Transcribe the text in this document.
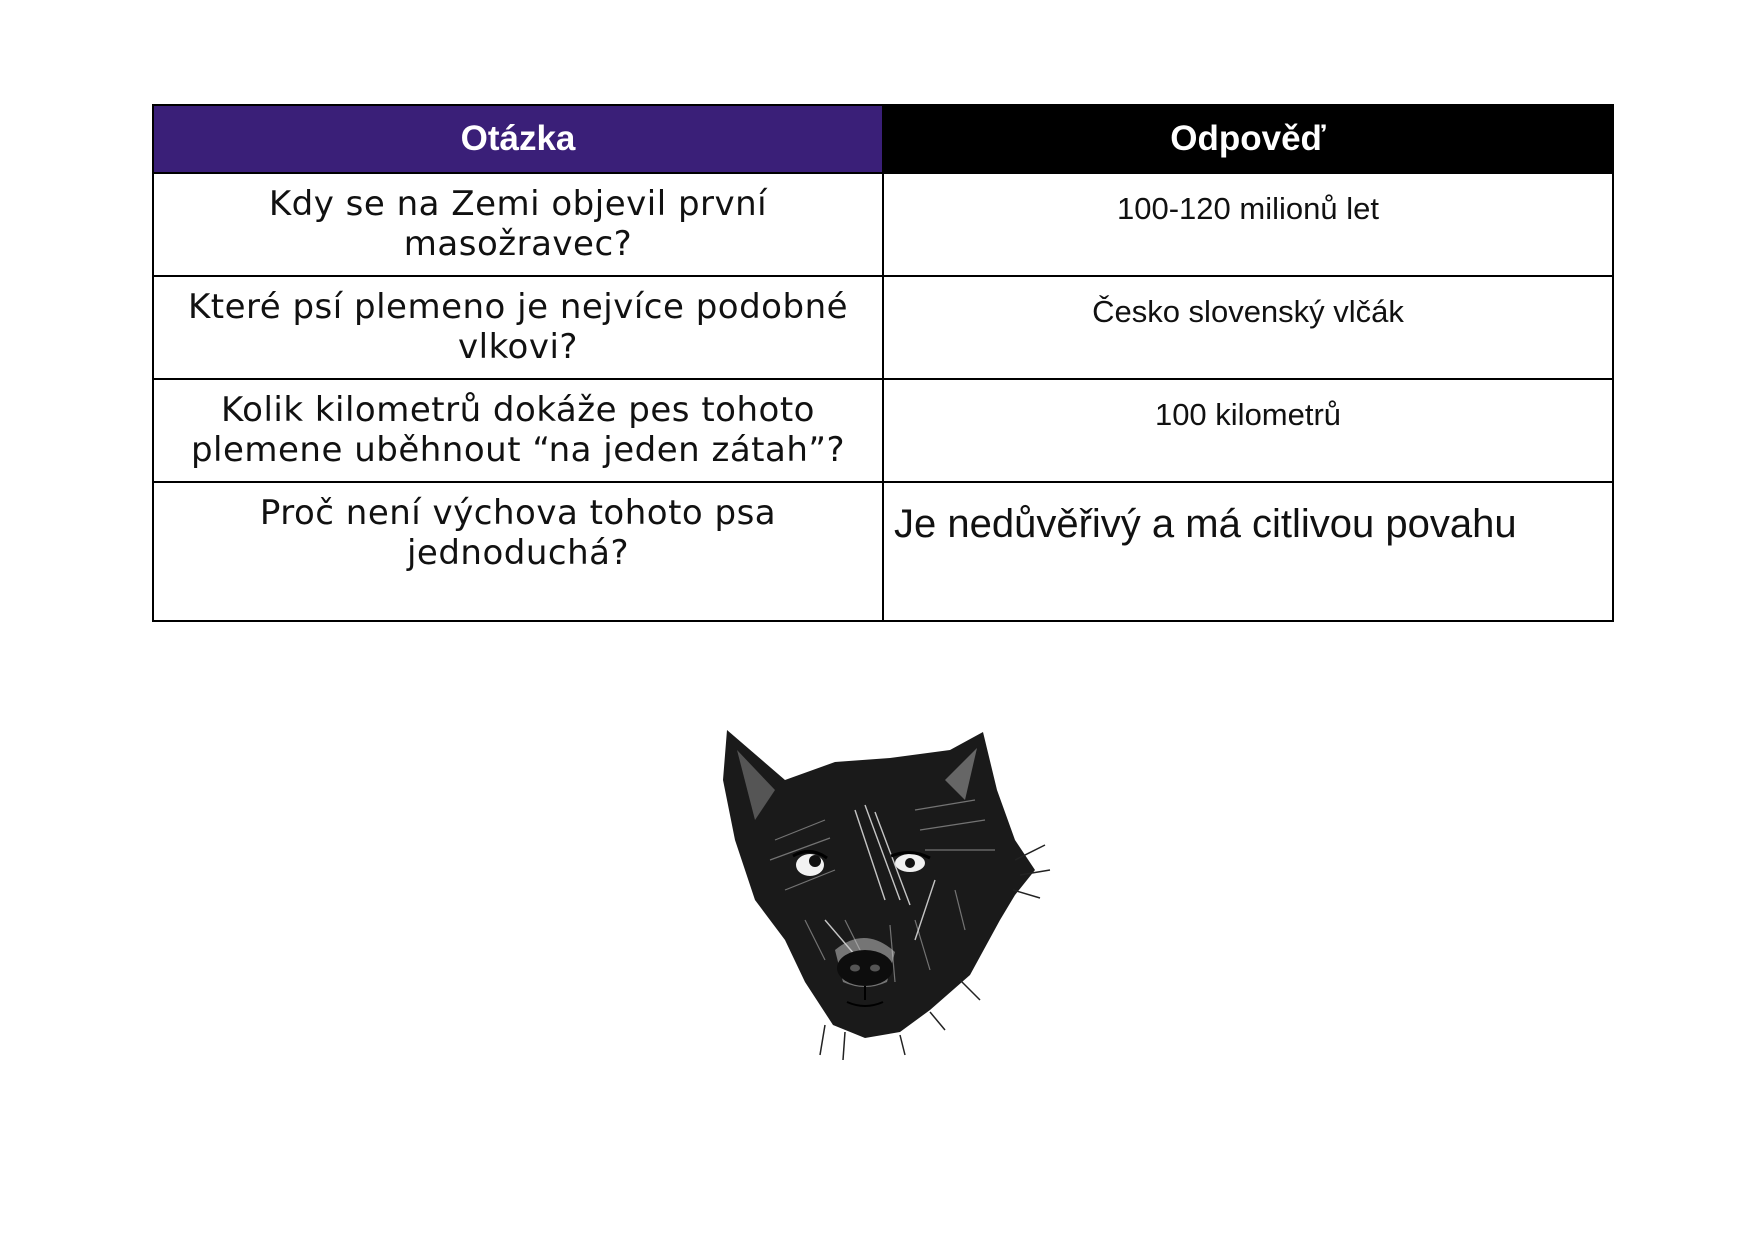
Otázka	Odpověď

Kdy se na Zemi objevil první masožravec?	100-120 milionů let

Které psí plemeno je nejvíce podobné vlkovi?	Česko slovenský vlčák

Kolik kilometrů dokáže pes tohoto plemene uběhnout “na jeden zátah”?	100 kilometrů

Proč není výchova tohoto psa jednoduchá?	Je nedůvěřivý a má citlivou povahu
